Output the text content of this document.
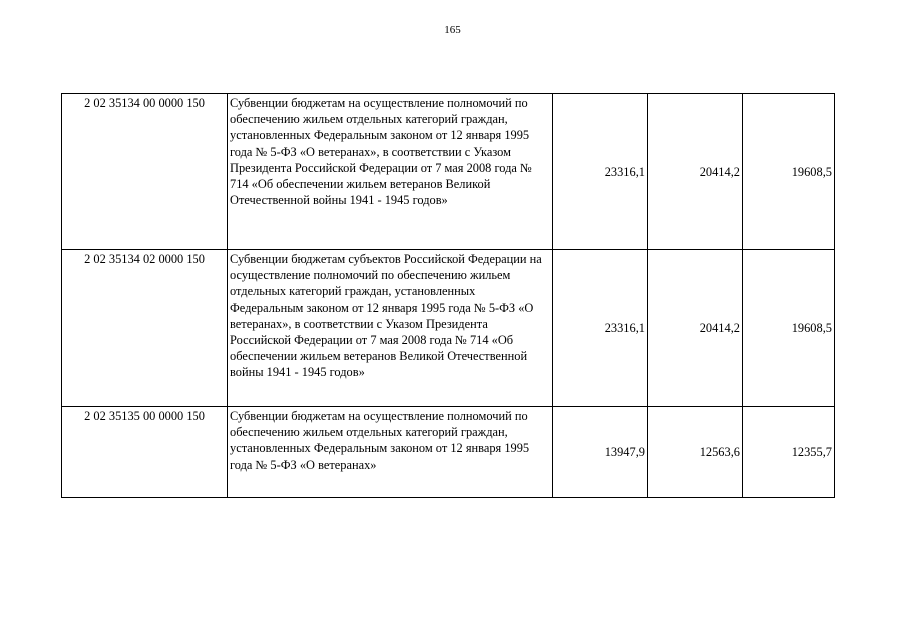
165
2 02 35134 00 0000 150	Субвенции бюджетам на осуществление полномочий по обеспечению жильем отдельных категорий граждан, установленных Федеральным законом от 12 января 1995 года № 5-ФЗ «О ветеранах», в соответствии с Указом Президента Российской Федерации от 7 мая 2008 года № 714 «Об обеспечении жильем ветеранов Великой Отечественной войны 1941 - 1945 годов»	23316,1	20414,2	19608,5
2 02 35134 02 0000 150	Субвенции бюджетам субъектов Российской Федерации на осуществление полномочий по обеспечению жильем отдельных категорий граждан, установленных Федеральным законом от 12 января 1995 года № 5-ФЗ «О ветеранах», в соответствии с Указом Президента Российской Федерации от 7 мая 2008 года № 714 «Об обеспечении жильем ветеранов Великой Отечественной войны 1941 - 1945 годов»	23316,1	20414,2	19608,5
2 02 35135 00 0000 150	Субвенции бюджетам на осуществление полномочий по обеспечению жильем отдельных категорий граждан, установленных Федеральным законом от 12 января 1995 года № 5-ФЗ «О ветеранах»	13947,9	12563,6	12355,7
